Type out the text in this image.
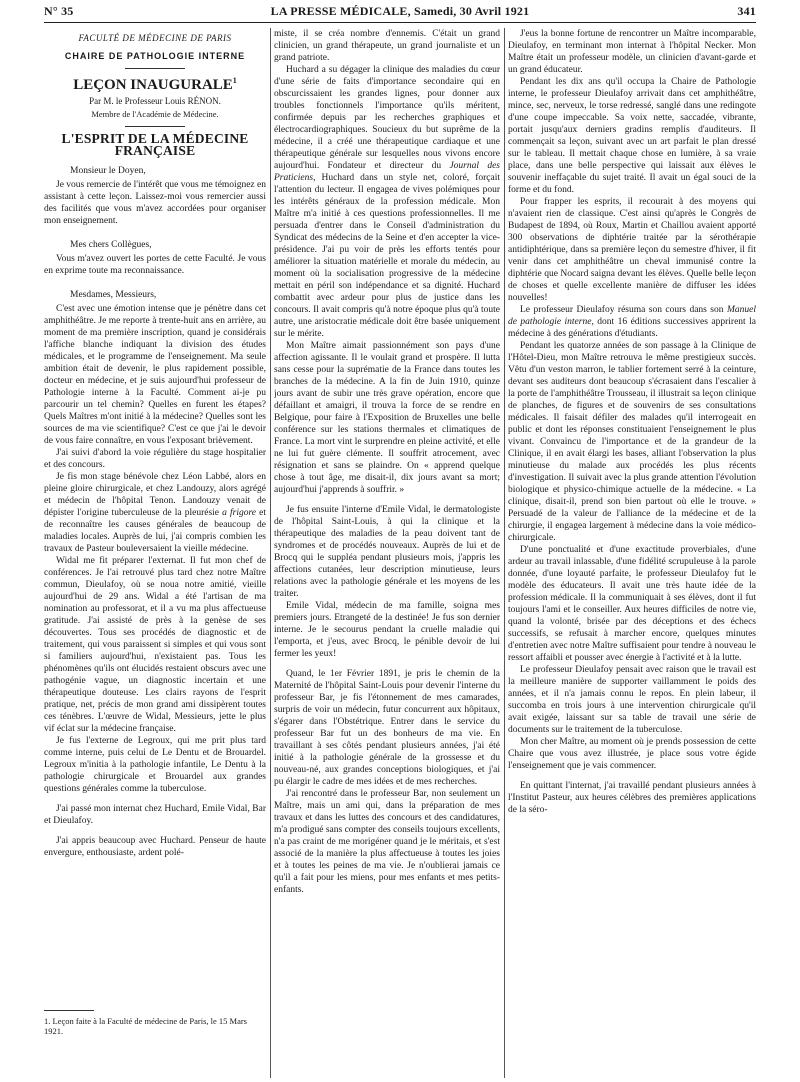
LA PRESSE MÉDICALE, Samedi, 30 Avril 1921
N° 35	341
FACULTÉ DE MÉDECINE DE PARIS
CHAIRE DE PATHOLOGIE INTERNE
LEÇON INAUGURALE$^1$
Par M. le Professeur Louis RÉNON.
Membre de l'Académie de Médecine.
L'ESPRIT DE LA MÉDECINE FRANÇAISE

Monsieur le Doyen,

Je vous remercie de l'intérêt que vous me témoignez en assistant à cette leçon. Laissez-moi vous remercier aussi des facilités que vous m'avez accordées pour organiser mon enseignement.

Mes chers Collègues,

Vous m'avez ouvert les portes de cette Faculté. Je vous en exprime toute ma reconnaissance.

Mesdames, Messieurs,

C'est avec une émotion intense que je pénètre dans cet amphithéâtre. Je me reporte à trente-huit ans en arrière, au moment de ma première inscription, quand je considérais l'affiche blanche indiquant la division des études médicales, et le programme de l'enseignement. Ma seule ambition était de devenir, le plus rapidement possible, docteur en médecine, et je suis aujourd'hui professeur de Pathologie interne à la Faculté. Comment ai-je pu parcourir un tel chemin? Quelles en furent les étapes? Quels Maîtres m'ont initié à la médecine? Quelles sont les sources de ma vie scientifique? C'est ce que j'ai le devoir de vous faire connaître, en vous l'exposant brièvement.

J'ai suivi d'abord la voie régulière du stage hospitalier et des concours.

Je fis mon stage bénévole chez Léon Labbé, alors en pleine gloire chirurgicale, et chez Landouzy, alors agrégé et médecin de l'hôpital Tenon. Landouzy venait de dépister l'origine tuberculeuse de la pleurésie a frigore et de reconnaître les causes générales de beaucoup de maladies locales. Auprès de lui, j'ai compris combien les travaux de Pasteur bouleversaient la vieille médecine.

Widal me fit préparer l'externat. Il fut mon chef de conférences. Je l'ai retrouvé plus tard chez notre Maître commun, Dieulafoy, où se noua notre amitié, vieille aujourd'hui de 29 ans. Widal a été l'artisan de ma nomination au professorat, et il a vu ma plus affectueuse gratitude. J'ai assisté de près à la genèse de ses découvertes. Tous ses procédés de diagnostic et de traitement, qui vous paraissent si simples et qui vous sont si familiers aujourd'hui, n'existaient pas. Tous les phénomènes qu'ils ont élucidés restaient obscurs avec une pathogénie vague, un diagnostic incertain et une thérapeutique douteuse. Les clairs rayons de l'esprit pratique, net, précis de mon grand ami dissipèrent toutes ces ténèbres. L'œuvre de Widal, Messieurs, jette le plus vif éclat sur la médecine française.

Je fus l'externe de Legroux, qui me prit plus tard comme interne, puis celui de Le Dentu et de Brouardel. Legroux m'initia à la pathologie infantile, Le Dentu à la pathologie chirurgicale et Brouardel aux grandes questions générales comme la tuberculose.

J'ai passé mon internat chez Huchard, Emile Vidal, Bar et Dieulafoy.

J'ai appris beaucoup avec Huchard. Penseur de haute envergure, enthousiaste, ardent polé-

1. Leçon faite à la Faculté de médecine de Paris, le 15 Mars 1921.

miste, il se créa nombre d'ennemis. C'était un grand clinicien, un grand thérapeute, un grand journaliste et un grand patriote.

Huchard a su dégager la clinique des maladies du cœur d'une série de faits d'importance secondaire qui en obscurcissaient les grandes lignes, pour donner aux troubles fonctionnels l'importance qu'ils méritent, confirmée depuis par les recherches graphiques et électrocardiographiques. Soucieux du but suprême de la médecine, il a créé une thérapeutique cardiaque et une thérapeutique générale sur lesquelles nous vivons encore aujourd'hui. Fondateur et directeur du Journal des Praticiens, Huchard dans un style net, coloré, forçait l'attention du lecteur. Il engagea de vives polémiques pour les intérêts généraux de la profession médicale. Mon Maître m'a initié à ces questions professionnelles. Il me persuada d'entrer dans le Conseil d'administration du Syndicat des médecins de la Seine et d'en accepter la vice-présidence. J'ai pu voir de près les efforts tentés pour améliorer la situation matérielle et morale du médecin, au moment où la socialisation progressive de la médecine mettait en péril son indépendance et sa dignité. Huchard combattit avec ardeur pour plus de justice dans les concours. Il avait compris qu'à notre époque plus qu'à toute autre, une aristocratie médicale doit être basée uniquement sur le mérite.

Mon Maître aimait passionnément son pays d'une affection agissante. Il le voulait grand et prospère. Il lutta sans cesse pour la suprématie de la France dans toutes les branches de la médecine. A la fin de Juin 1910, quinze jours avant de subir une très grave opération, encore que défaillant et amaigri, il trouva la force de se rendre en Belgique, pour faire à l'Exposition de Bruxelles une belle conférence sur les stations thermales et climatiques de France. La mort vint le surprendre en pleine activité, et elle ne lui fut guère clémente. Il souffrit atrocement, avec résignation et sans se plaindre. On « apprend quelque chose à tout âge, me disait-il, dix jours avant sa mort; aujourd'hui j'apprends à souffrir. »

Je fus ensuite l'interne d'Emile Vidal, le dermatologiste de l'hôpital Saint-Louis, à qui la clinique et la thérapeutique des maladies de la peau doivent tant de syndromes et de procédés nouveaux. Auprès de lui et de Brocq qui le suppléa pendant plusieurs mois, j'appris les affections cutanées, leur description minutieuse, leurs relations avec la pathologie générale et les moyens de les traiter.

Emile Vidal, médecin de ma famille, soigna mes premiers jours. Etrangeté de la destinée! Je fus son dernier interne. Je le secourus pendant la cruelle maladie qui l'emporta, et j'eus, avec Brocq, le pénible devoir de lui fermer les yeux!

Quand, le 1er Février 1891, je pris le chemin de la Maternité de l'hôpital Saint-Louis pour devenir l'interne du professeur Bar, je fis l'étonnement de mes camarades, surpris de voir un médecin, futur concurrent aux hôpitaux, s'égarer dans l'Obstétrique. Entrer dans le service du professeur Bar fut un des bonheurs de ma vie. En travaillant à ses côtés pendant plusieurs années, j'ai été initié à la pathologie générale de la grossesse et du nouveau-né, aux grandes conceptions biologiques, et j'ai pu élargir le cadre de mes idées et de mes recherches.

J'ai rencontré dans le professeur Bar, non seulement un Maître, mais un ami qui, dans la préparation de mes travaux et dans les luttes des concours et des candidatures, m'a prodigué sans compter des conseils toujours excellents, n'a pas craint de me morigéner quand je le méritais, et s'est associé de la manière la plus affectueuse à toutes les joies et à toutes les peines de ma vie. Je n'oublierai jamais ce qu'il a fait pour les miens, pour mes enfants et mes petits-enfants.

J'eus la bonne fortune de rencontrer un Maître incomparable, Dieulafoy, en terminant mon internat à l'hôpital Necker. Mon Maître était un professeur modèle, un clinicien d'avant-garde et un grand éducateur.

Pendant les dix ans qu'il occupa la Chaire de Pathologie interne, le professeur Dieulafoy arrivait dans cet amphithéâtre, mince, sec, nerveux, le torse redressé, sanglé dans une redingote d'une coupe impeccable. Sa voix nette, saccadée, vibrante, portait jusqu'aux derniers gradins remplis d'auditeurs. Il commençait sa leçon, suivant avec un art parfait le plan dressé sur le tableau. Il mettait chaque chose en lumière, à sa vraie place, dans une belle perspective qui laissait aux élèves le souvenir ineffaçable du sujet traité. Il avait un égal souci de la forme et du fond.

Pour frapper les esprits, il recourait à des moyens qui n'avaient rien de classique. C'est ainsi qu'après le Congrès de Budapest de 1894, où Roux, Martin et Chaillou avaient apporté 300 observations de diphtérie traitée par la sérothérapie antidiphtérique, dans sa première leçon du semestre d'hiver, il fit venir dans cet amphithéâtre un cheval immunisé contre la diphtérie que Nocard saigna devant les élèves. Quelle belle leçon de choses et quelle excellente manière de diffuser les idées nouvelles!

Le professeur Dieulafoy résuma son cours dans son Manuel de pathologie interne, dont 16 éditions successives apprirent la médecine à des générations d'étudiants.

Pendant les quatorze années de son passage à la Clinique de l'Hôtel-Dieu, mon Maître retrouva le même prestigieux succès. Vêtu d'un veston marron, le tablier fortement serré à la ceinture, devant ses auditeurs dont beaucoup s'écrasaient dans l'escalier à la porte de l'amphithéâtre Trousseau, il illustrait sa leçon clinique de planches, de figures et de souvenirs de ses consultations médicales. Il faisait défiler des malades qu'il interrogeait en public et dont les réponses constituaient l'enseignement le plus vivant. Convaincu de l'importance et de la grandeur de la Clinique, il en avait élargi les bases, alliant l'observation la plus minutieuse du malade aux procédés les plus récents d'investigation. Il suivait avec la plus grande attention l'évolution biologique et physico-chimique actuelle de la médecine. « La clinique, disait-il, prend son bien partout où elle le trouve. » Persuadé de la valeur de l'alliance de la médecine et de la chirurgie, il engagea largement à médecine dans la voie médico-chirurgicale.

D'une ponctualité et d'une exactitude proverbiales, d'une ardeur au travail inlassable, d'une fidélité scrupuleuse à la parole donnée, d'une loyauté parfaite, le professeur Dieulafoy fut le modèle des éducateurs. Il avait une très haute idée de la profession médicale. Il la communiquait à ses élèves, dont il fut toujours l'ami et le conseiller. Aux heures difficiles de notre vie, quand la volonté, brisée par des déceptions et des échecs successifs, se refusait à marcher encore, quelques minutes d'entretien avec notre Maître suffisaient pour tendre à nouveau le ressort affaibli et pousser avec énergie à l'activité et à la lutte.

Le professeur Dieulafoy pensait avec raison que le travail est la meilleure manière de supporter vaillamment le poids des années, et il n'a jamais connu le repos. En plein labeur, il succomba en trois jours à une intervention chirurgicale qu'il avait exigée, laissant sur sa table de travail une série de documents sur le traitement de la tuberculose.

Mon cher Maître, au moment où je prends possession de cette Chaire que vous avez illustrée, je place sous votre égide l'enseignement que je vais commencer.

En quittant l'internat, j'ai travaillé pendant plusieurs années à l'Institut Pasteur, aux heures célèbres des premières applications de la séro-
